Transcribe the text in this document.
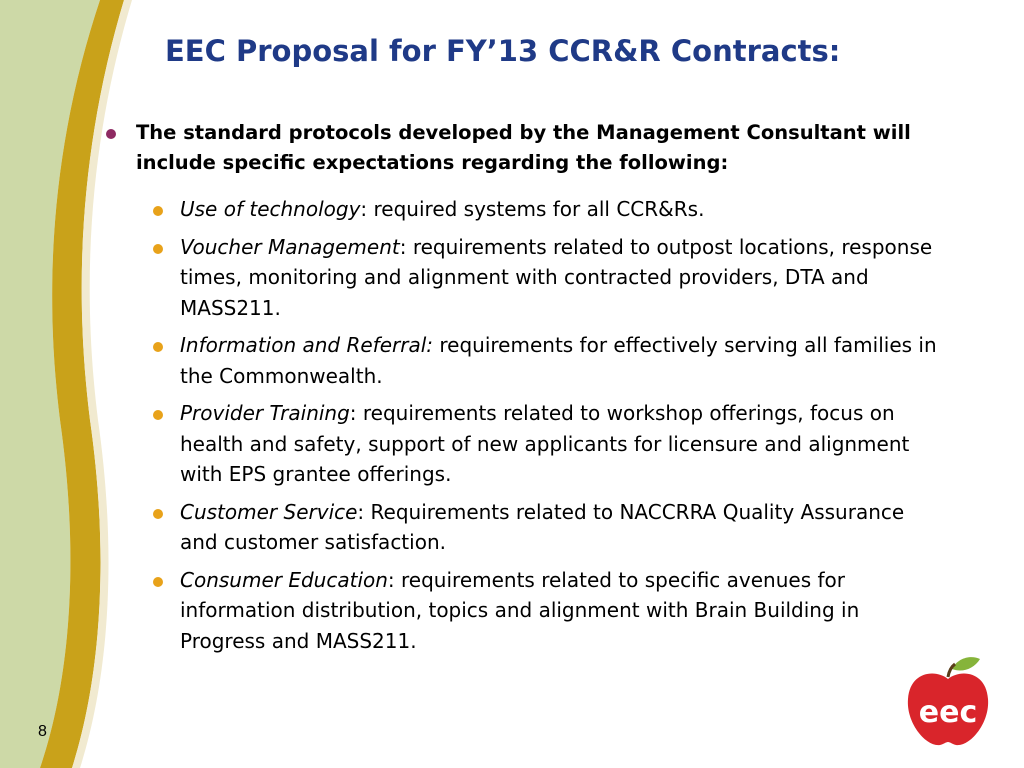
EEC Proposal for FY’13 CCR&R Contracts:
The standard protocols developed by the Management Consultant will include specific expectations regarding the following:
Use of technology: required systems for all CCR&Rs.
Voucher Management: requirements related to outpost locations, response times, monitoring and alignment with contracted providers, DTA and MASS211.
Information and Referral: requirements for effectively serving all families in the Commonwealth.
Provider Training: requirements related to workshop offerings, focus on health and safety, support of new applicants for licensure and alignment with EPS grantee offerings.
Customer Service: Requirements related to NACCRRA Quality Assurance and customer satisfaction.
Consumer Education: requirements related to specific avenues for information distribution, topics and alignment with Brain Building in Progress and MASS211.
8
eec
